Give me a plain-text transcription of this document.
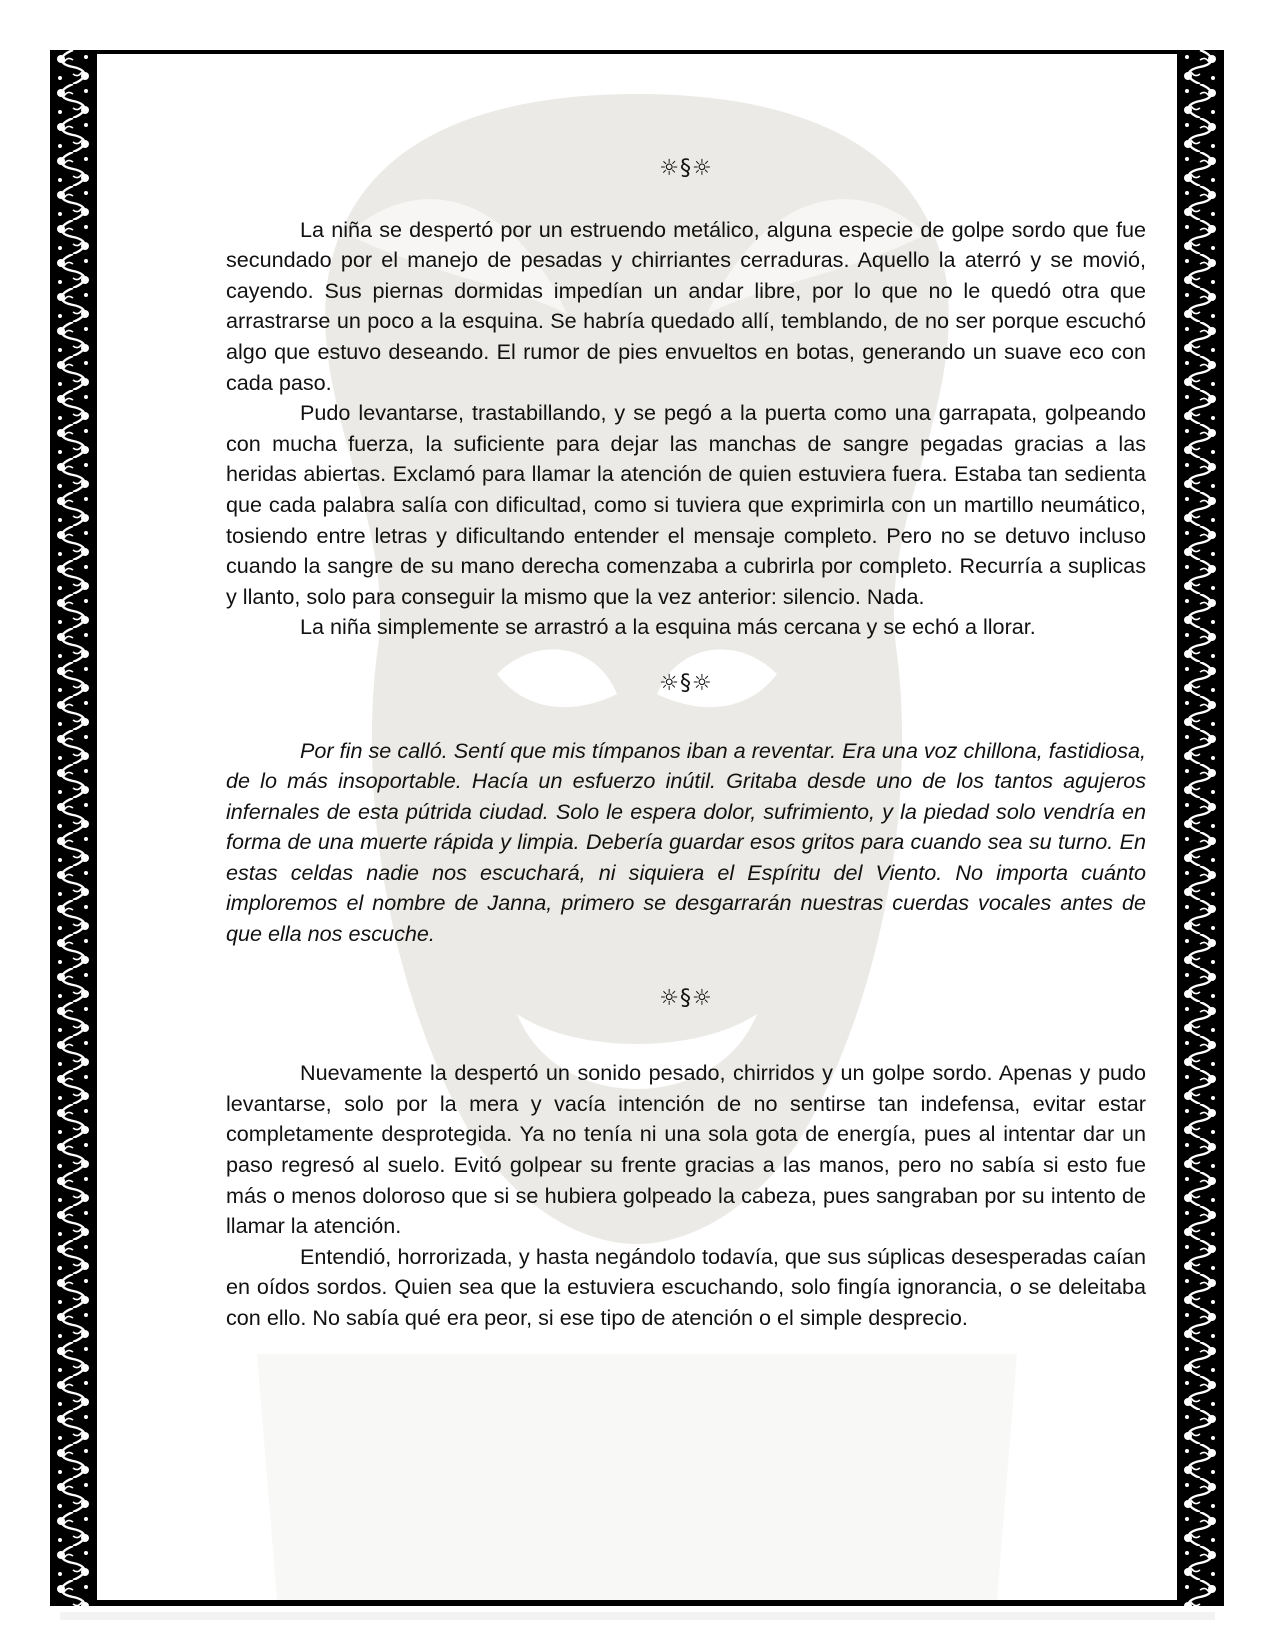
☼§☼

La niña se despertó por un estruendo metálico, alguna especie de golpe sordo que fue secundado por el manejo de pesadas y chirriantes cerraduras. Aquello la aterró y se movió, cayendo. Sus piernas dormidas impedían un andar libre, por lo que no le quedó otra que arrastrarse un poco a la esquina. Se habría quedado allí, temblando, de no ser porque escuchó algo que estuvo deseando. El rumor de pies envueltos en botas, generando un suave eco con cada paso.

Pudo levantarse, trastabillando, y se pegó a la puerta como una garrapata, golpeando con mucha fuerza, la suficiente para dejar las manchas de sangre pegadas gracias a las heridas abiertas. Exclamó para llamar la atención de quien estuviera fuera. Estaba tan sedienta que cada palabra salía con dificultad, como si tuviera que exprimirla con un martillo neumático, tosiendo entre letras y dificultando entender el mensaje completo. Pero no se detuvo incluso cuando la sangre de su mano derecha comenzaba a cubrirla por completo. Recurría a suplicas y llanto, solo para conseguir la mismo que la vez anterior: silencio. Nada.

La niña simplemente se arrastró a la esquina más cercana y se echó a llorar.

☼§☼

Por fin se calló. Sentí que mis tímpanos iban a reventar. Era una voz chillona, fastidiosa, de lo más insoportable. Hacía un esfuerzo inútil. Gritaba desde uno de los tantos agujeros infernales de esta pútrida ciudad. Solo le espera dolor, sufrimiento, y la piedad solo vendría en forma de una muerte rápida y limpia. Debería guardar esos gritos para cuando sea su turno. En estas celdas nadie nos escuchará, ni siquiera el Espíritu del Viento. No importa cuánto imploremos el nombre de Janna, primero se desgarrarán nuestras cuerdas vocales antes de que ella nos escuche.

☼§☼

Nuevamente la despertó un sonido pesado, chirridos y un golpe sordo. Apenas y pudo levantarse, solo por la mera y vacía intención de no sentirse tan indefensa, evitar estar completamente desprotegida. Ya no tenía ni una sola gota de energía, pues al intentar dar un paso regresó al suelo. Evitó golpear su frente gracias a las manos, pero no sabía si esto fue más o menos doloroso que si se hubiera golpeado la cabeza, pues sangraban por su intento de llamar la atención.

Entendió, horrorizada, y hasta negándolo todavía, que sus súplicas desesperadas caían en oídos sordos. Quien sea que la estuviera escuchando, solo fingía ignorancia, o se deleitaba con ello. No sabía qué era peor, si ese tipo de atención o el simple desprecio.
